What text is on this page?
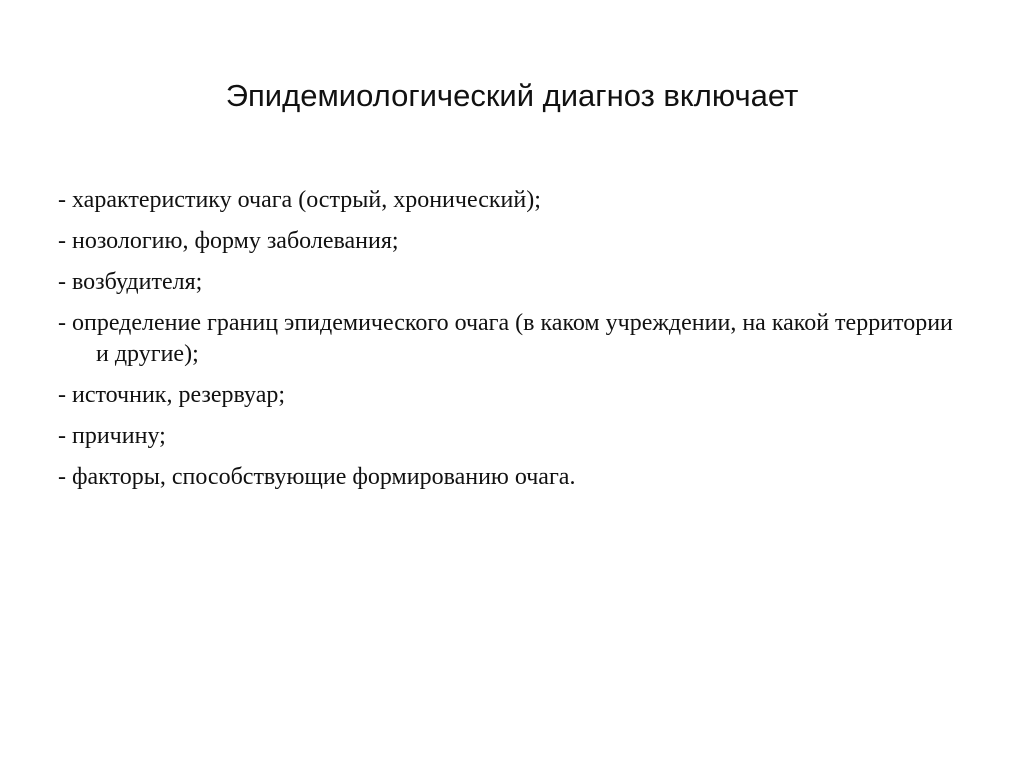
Эпидемиологический диагноз включает
- характеристику очага (острый, хронический);
- нозологию, форму заболевания;
- возбудителя;
- определение границ эпидемического очага (в каком учреждении, на какой территории и другие);
- источник, резервуар;
- причину;
- факторы, способствующие формированию очага.
